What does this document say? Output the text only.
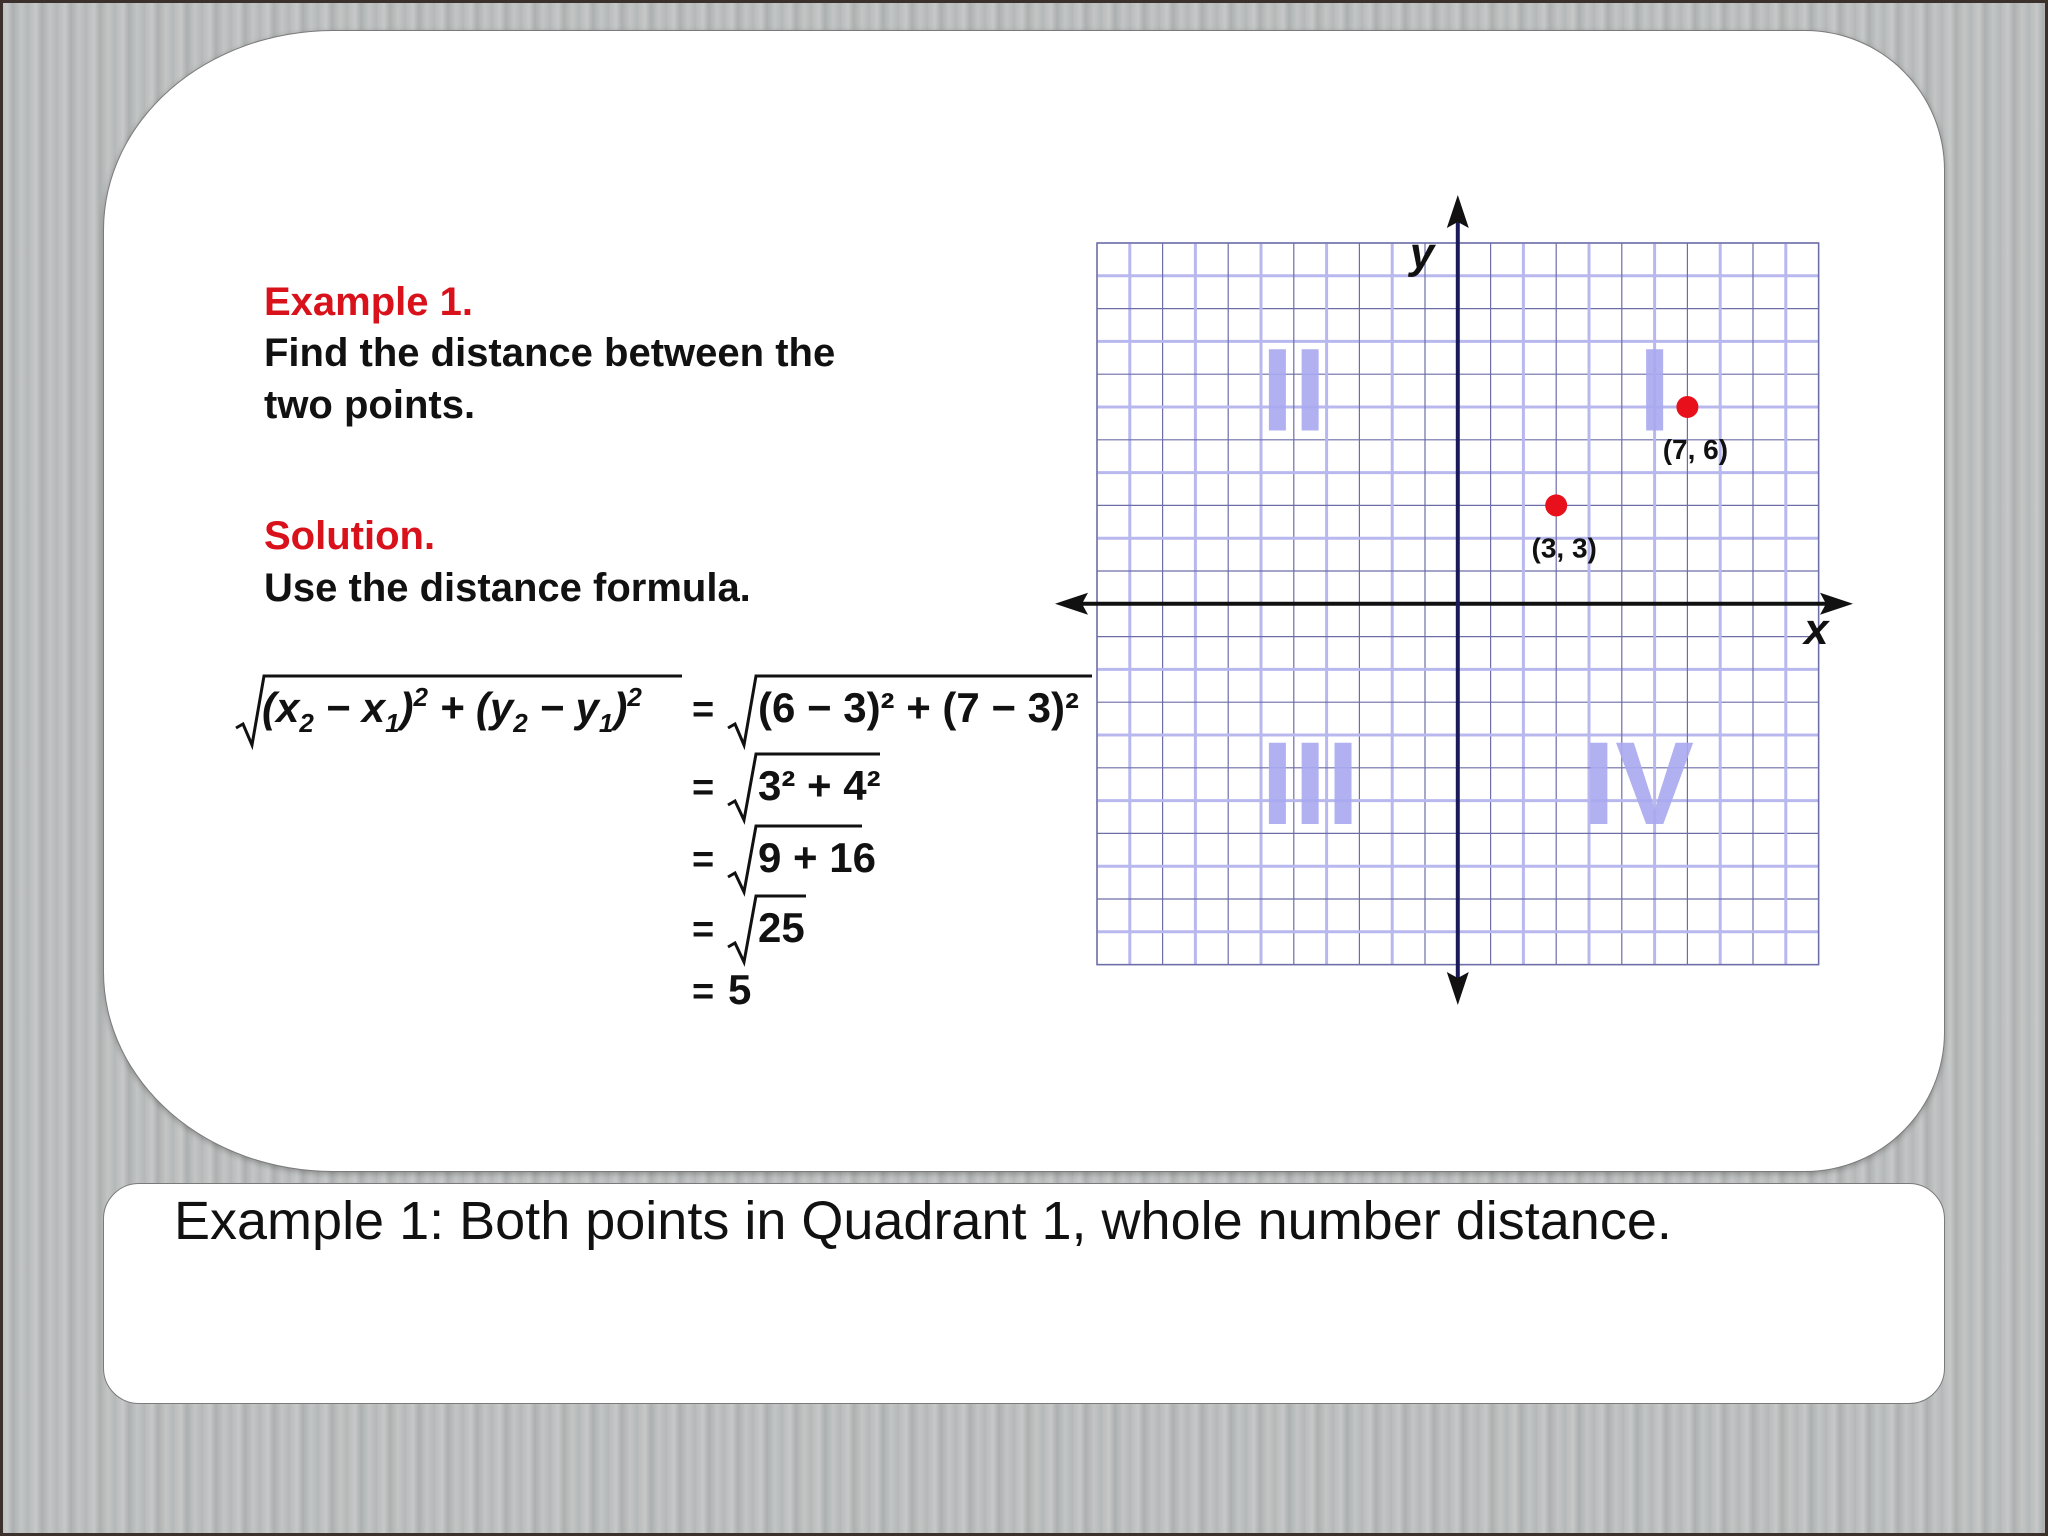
Example 1.
Find the distance between the
two points.
Solution.
Use the distance formula.
$(x_2 - x_1)^2 + (y_2 - y_1)^2 = (6 - 3)^2 + (7 - 3)^2$
= 3² + 4²
= 9 + 16
= 25
= 5
I
II
III IV
x
y
(3, 3)
(7, 6)
Example 1: Both points in Quadrant 1, whole number distance.
